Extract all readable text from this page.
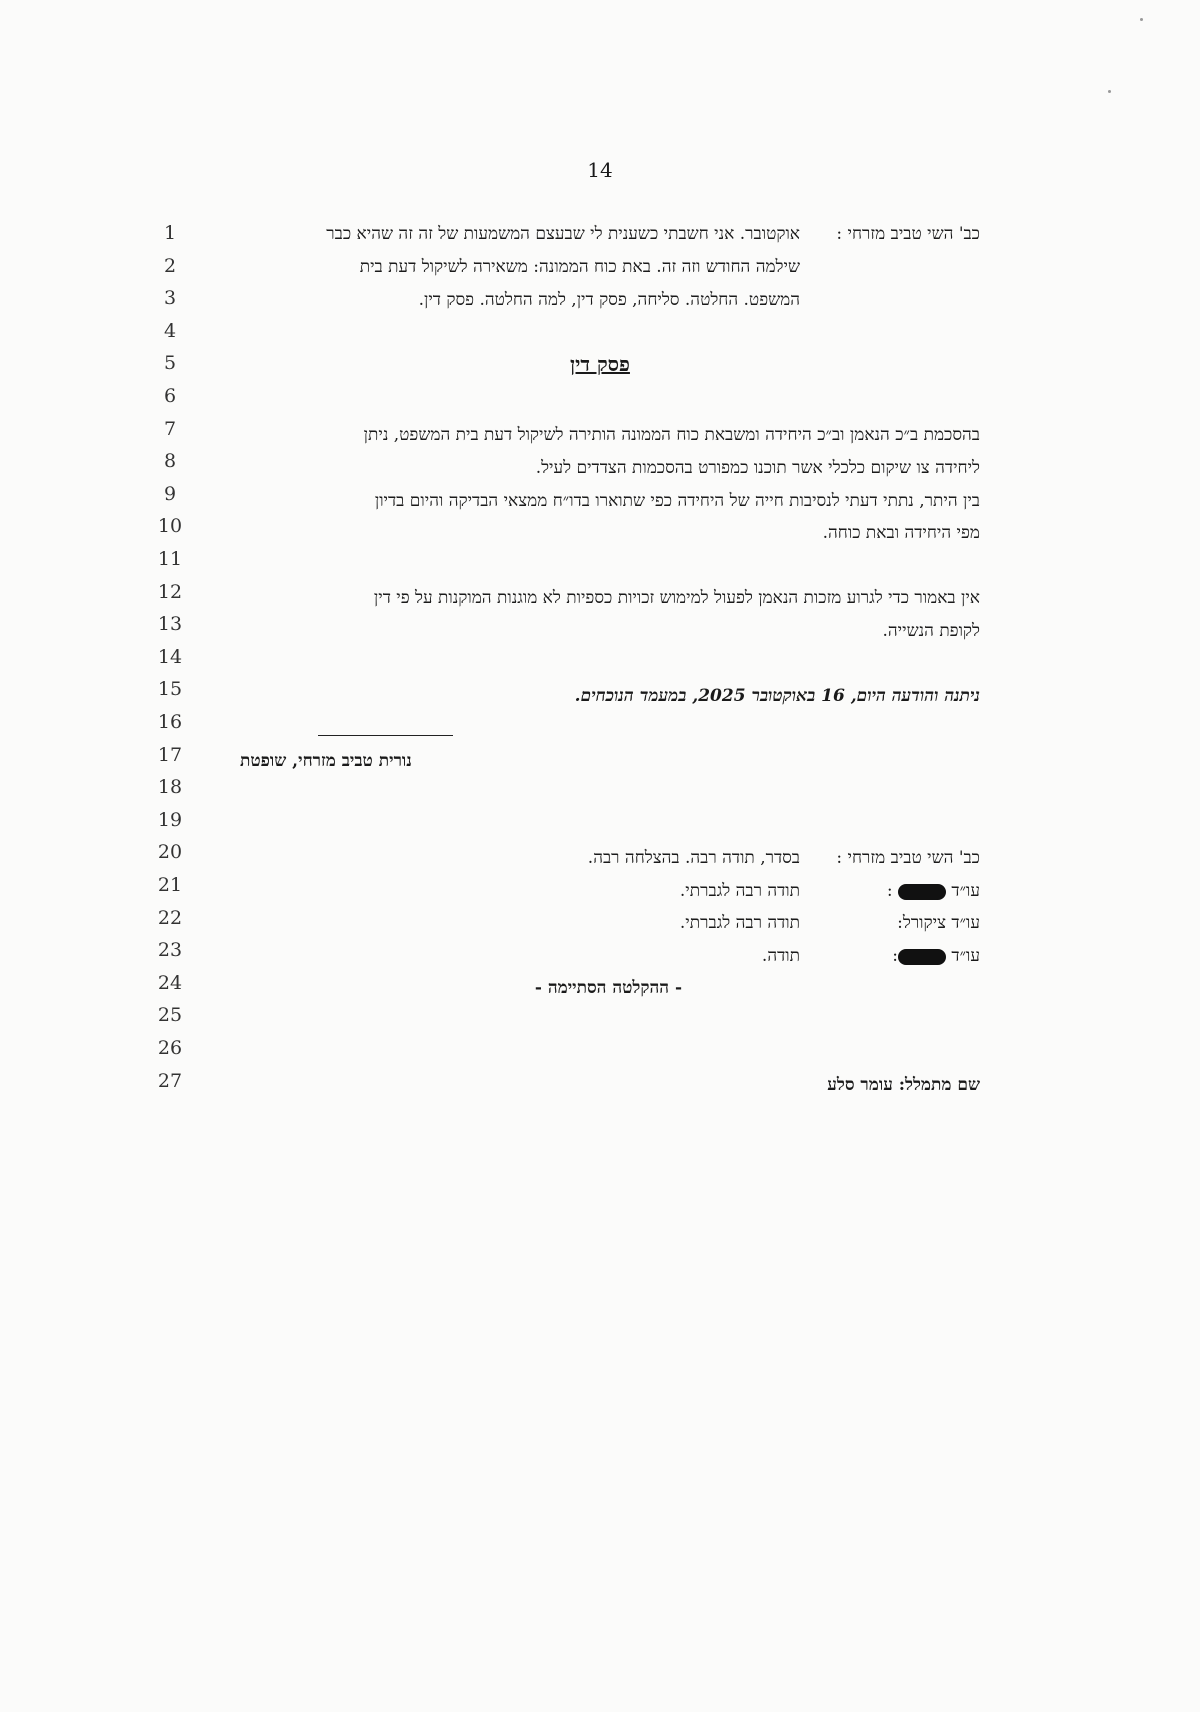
14
1
2
3
4
5
6
7
8
9
10
11
12
13
14
15
16
17
18
19
20
21
22
23
24
25
26
27
כב' השי טביב מזרחי :
אוקטובר. אני חשבתי כשענית לי שבעצם המשמעות של זה זה שהיא כבר
שילמה החודש וזה זה. באת כוח הממונה: משאירה לשיקול דעת בית
המשפט. החלטה. סליחה, פסק דין, למה החלטה. פסק דין.
פסק דין
בהסכמת ב״כ הנאמן וב״כ היחידה ומשבאת כוח הממונה הותירה לשיקול דעת בית המשפט, ניתן
ליחידה צו שיקום כלכלי אשר תוכנו כמפורט בהסכמות הצדדים לעיל.
בין היתר, נתתי דעתי לנסיבות חייה של היחידה כפי שתוארו בדו״ח ממצאי הבדיקה והיום בדיון
מפי היחידה ובאת כוחה.
אין באמור כדי לגרוע מזכות הנאמן לפעול למימוש זכויות כספיות לא מוגנות המוקנות על פי דין
לקופת הנשייה.
ניתנה והודעה היום, 16 באוקטובר 2025, במעמד הנוכחים.
נורית טביב מזרחי, שופטת
כב' השי טביב מזרחי :
בסדר, תודה רבה. בהצלחה רבה.
עו״ד  :
תודה רבה לגברתי.
עו״ד ציקורל:
תודה רבה לגברתי.
עו״ד :
תודה.
- ההקלטה הסתיימה -
שם מתמלל: עומר סלע
